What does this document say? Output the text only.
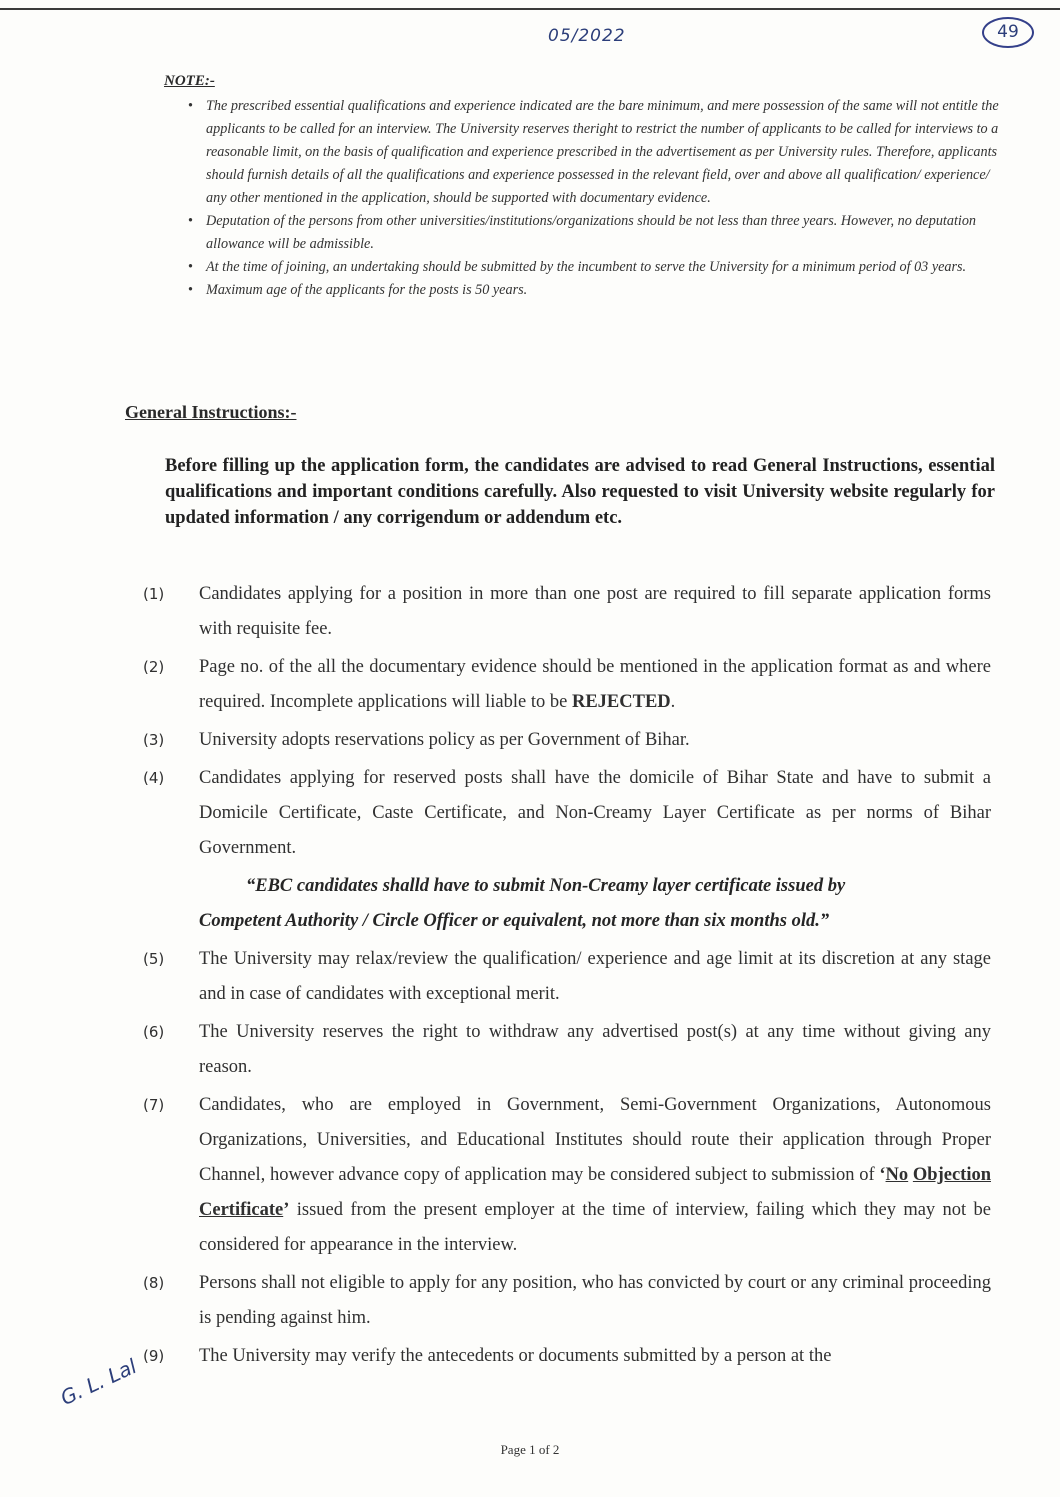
05/2022	49
G. L. Lal
NOTE:-
• The prescribed essential qualifications and experience indicated are the bare minimum, and mere possession of the same will not entitle the applicants to be called for an interview. The University reserves theright to restrict the number of applicants to be called for interviews to a reasonable limit, on the basis of qualification and experience prescribed in the advertisement as per University rules. Therefore, applicants should furnish details of all the qualifications and experience possessed in the relevant field, over and above all qualification/ experience/ any other mentioned in the application, should be supported with documentary evidence.
• Deputation of the persons from other universities/institutions/organizations should be not less than three years. However, no deputation allowance will be admissible.
• At the time of joining, an undertaking should be submitted by the incumbent to serve the University for a minimum period of 03 years.
• Maximum age of the applicants for the posts is 50 years.
General Instructions:-
Before filling up the application form, the candidates are advised to read General Instructions, essential qualifications and important conditions carefully. Also requested to visit University website regularly for updated information / any corrigendum or addendum etc.
(1) Candidates applying for a position in more than one post are required to fill separate application forms with requisite fee.
(2) Page no. of the all the documentary evidence should be mentioned in the application format as and where required. Incomplete applications will liable to be REJECTED.
(3) University adopts reservations policy as per Government of Bihar.
(4) Candidates applying for reserved posts shall have the domicile of Bihar State and have to submit a Domicile Certificate, Caste Certificate, and Non-Creamy Layer Certificate as per norms of Bihar Government.
“EBC candidates shalld have to submit Non-Creamy layer certificate issued by
Competent Authority / Circle Officer or equivalent, not more than six months old.”
(5) The University may relax/review the qualification/ experience and age limit at its discretion at any stage and in case of candidates with exceptional merit.
(6) The University reserves the right to withdraw any advertised post(s) at any time without giving any reason.
(7) Candidates, who are employed in Government, Semi-Government Organizations, Autonomous Organizations, Universities, and Educational Institutes should route their application through Proper Channel, however advance copy of application may be considered subject to submission of ‘No Objection Certificate’ issued from the present employer at the time of interview, failing which they may not be considered for appearance in the interview.
(8) Persons shall not eligible to apply for any position, who has convicted by court or any criminal proceeding is pending against him.
(9) The University may verify the antecedents or documents submitted by a person at the
Page 1 of 2
